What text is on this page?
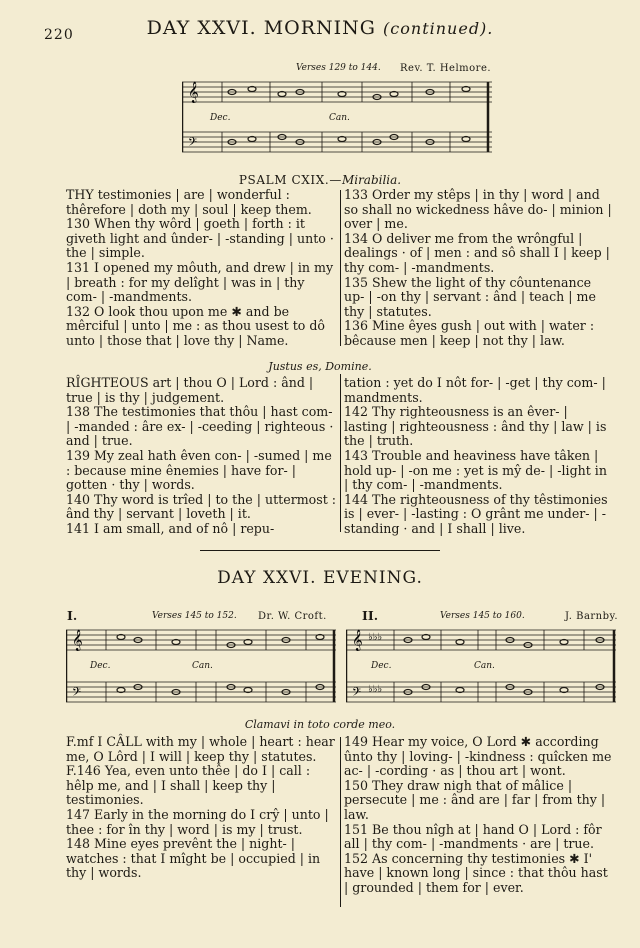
220	DAY XXVI. MORNING (continued).
Verses 129 to 144. Rev. T. Helmore.
𝄞
𝄢
Dec.	Can.
PSALM CXIX.—Mirabilia.

THY testimonies | are | wonderful : thêrefore | doth my | soul | keep them.

130 When thy wôrd | goeth | forth : it giveth light and ûnder- | -standing | unto · the | simple.

131 I opened my môuth, and drew | in my | breath : for my delîght | was in | thy com- | -mandments.

132 O look thou upon me ✱ and be mêrciful | unto | me : as thou usest to dô unto | those that | love thy | Name.

133 Order my stêps | in thy | word | and so shall no wickedness hâve do- | minion | over | me.

134 O deliver me from the wrôngful | dealings · of | men : and sô shall I | keep | thy com- | -mandments.

135 Shew the light of thy côuntenance up- | -on thy | servant : ând | teach | me thy | statutes.

136 Mine êyes gush | out with | water : bêcause men | keep | not thy | law.

Justus es, Domine.

RÎGHTEOUS art | thou O | Lord : ând | true | is thy | judgement.

138 The testimonies that thôu | hast com- | -manded : âre ex- | -ceeding | righteous · and | true.

139 My zeal hath êven con- | -sumed | me : because mine ênemies | have for- | gotten · thy | words.

140 Thy word is trîed | to the | uttermost : ând thy | servant | loveth | it.

141 I am small, and of nô | repu-

tation : yet do I nôt for- | -get | thy com- | mandments.

142 Thy righteousness is an êver- | lasting | righteousness : ând thy | law | is the | truth.

143 Trouble and heaviness have tâken | hold up- | -on me : yet is mŷ de- | -light in | thy com- | -mandments.

144 The righteousness of thy têstimonies is | ever- | -lasting : O grânt me under- | -standing · and | I shall | live.

DAY XXVI. EVENING.
I.	Verses 145 to 152. Dr. W. Croft.
𝄞
𝄢
Dec.	Can.
II.	Verses 145 to 160.	J. Barnby.
𝄞
𝄢
♭♭♭
♭♭♭
Dec.	Can.
Clamavi in toto corde meo.

F.mf I CÂLL with my | whole | heart : hear me, O Lôrd | I will | keep thy | statutes.

F.146 Yea, even unto thêe | do I | call : hêlp me, and | I shall | keep thy | testimonies.

147 Early in the morning do I crŷ | unto | thee : for în thy | word | is my | trust.

148 Mine eyes prevênt the | night- | watches : that I mîght be | occupied | in thy | words.

149 Hear my voice, O Lord ✱ according ûnto thy | loving- | -kindness : quîcken me ac- | -cording · as | thou art | wont.

150 They draw nigh that of mâlice | persecute | me : ând are | far | from thy | law.

151 Be thou nîgh at | hand O | Lord : fôr all | thy com- | -mandments · are | true.

152 As concerning thy testimonies ✱ I' have | known long | since : that thôu hast | grounded | them for | ever.
